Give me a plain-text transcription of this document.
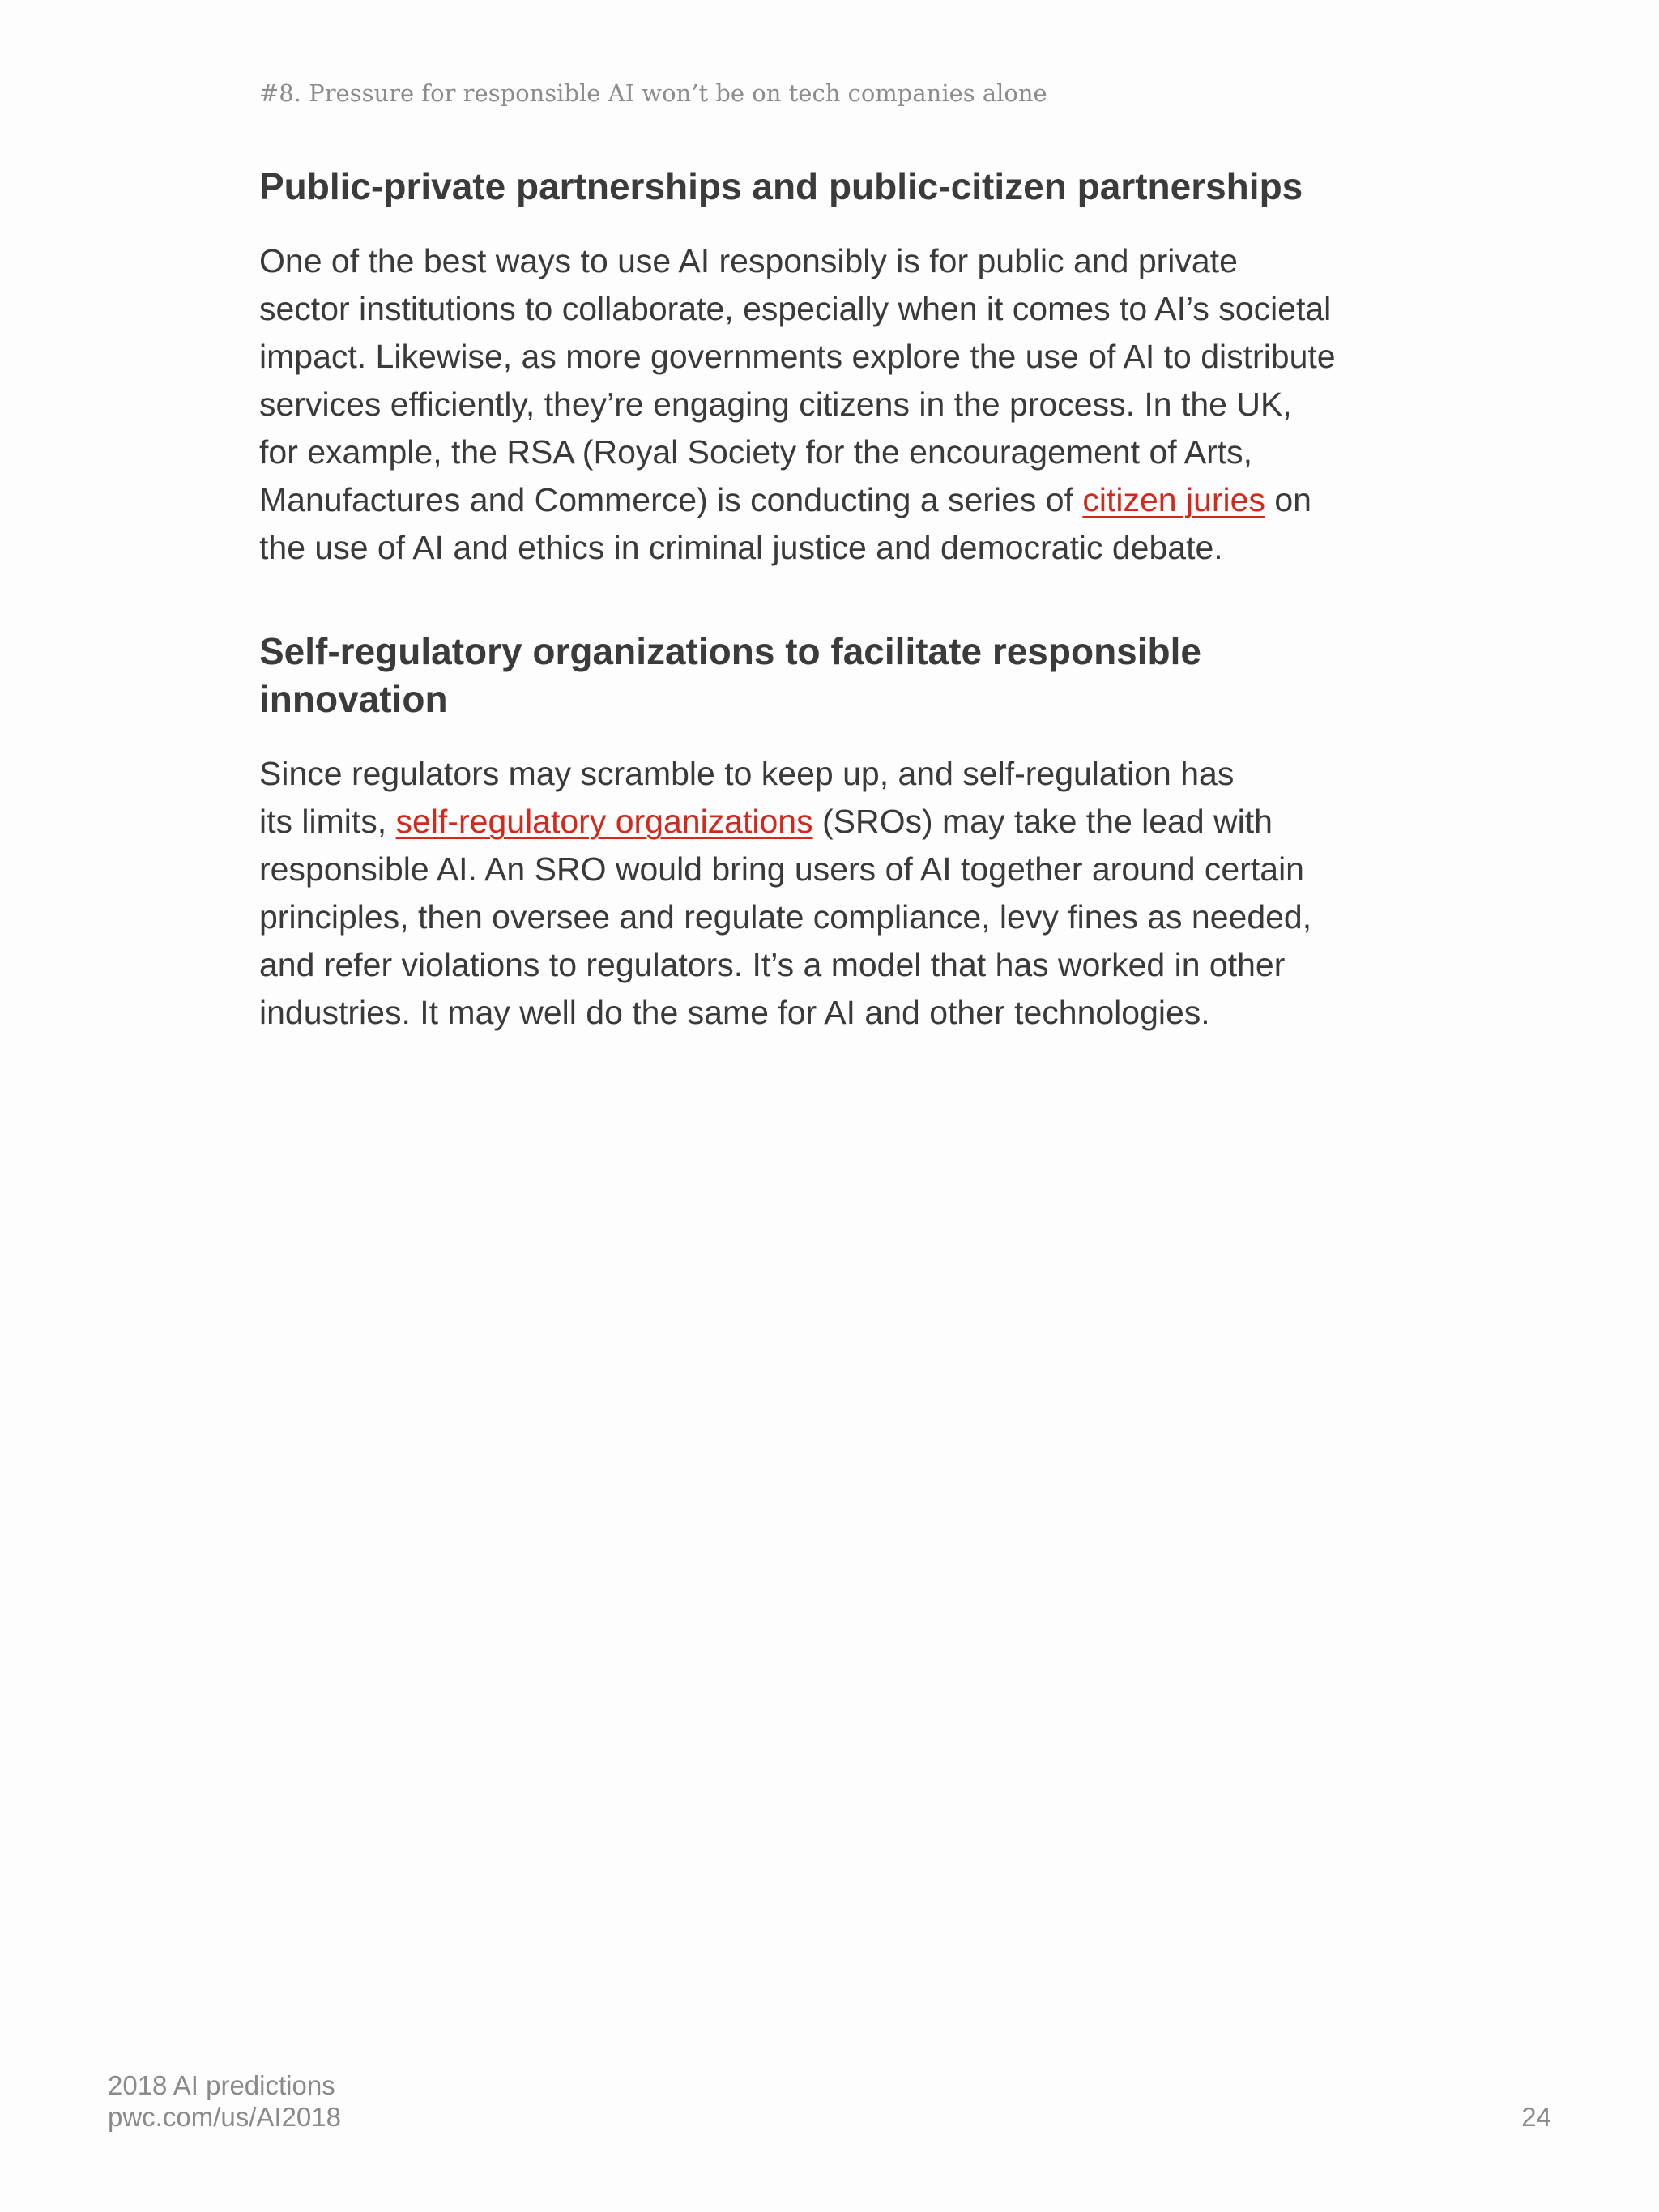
#8. Pressure for responsible AI won’t be on tech companies alone
Public-private partnerships and public-citizen partnerships

One of the best ways to use AI responsibly is for public and private

sector institutions to collaborate, especially when it comes to AI’s societal

impact. Likewise, as more governments explore the use of AI to distribute

services efficiently, they’re engaging citizens in the process. In the UK,

for example, the RSA (Royal Society for the encouragement of Arts,

Manufactures and Commerce) is conducting a series of citizen juries on

the use of AI and ethics in criminal justice and democratic debate.

Self-regulatory organizations to facilitate responsible
innovation

Since regulators may scramble to keep up, and self-regulation has

its limits, self-regulatory organizations (SROs) may take the lead with

responsible AI. An SRO would bring users of AI together around certain

principles, then oversee and regulate compliance, levy fines as needed,

and refer violations to regulators. It’s a model that has worked in other

industries. It may well do the same for AI and other technologies.

2018 AI predictions
pwc.com/us/AI2018	24
